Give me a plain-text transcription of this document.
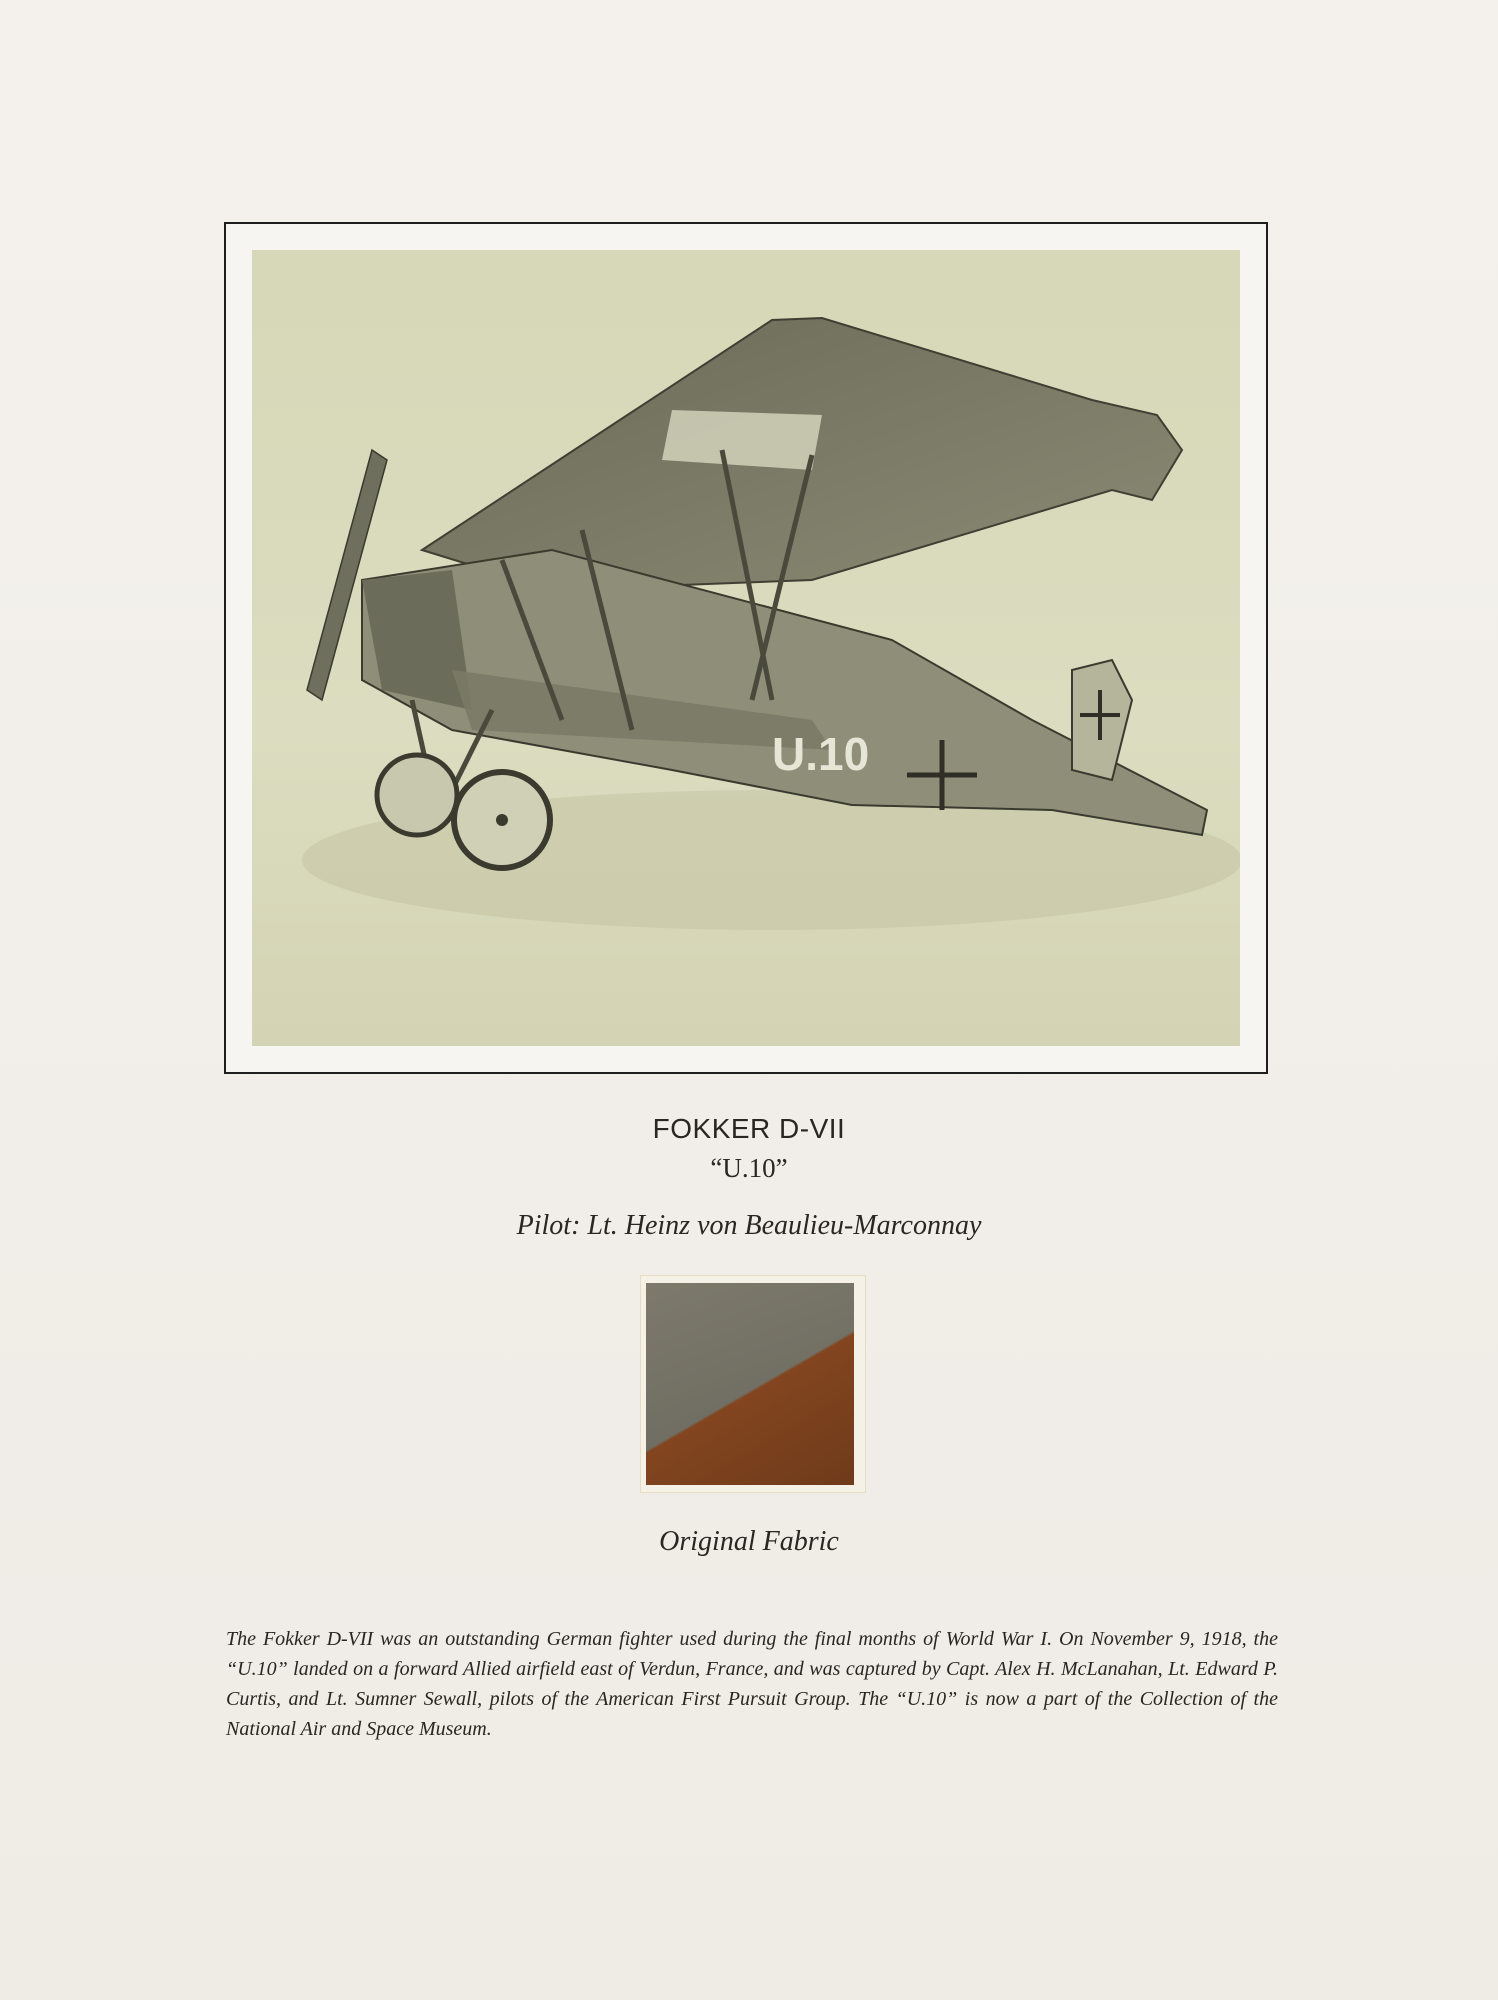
U.10
FOKKER D-VII
“U.10”
Pilot: Lt. Heinz von Beaulieu-Marconnay
Original Fabric
The Fokker D-VII was an outstanding German fighter used during the final months of World War I. On November 9, 1918, the “U.10” landed on a forward Allied airfield east of Verdun, France, and was captured by Capt. Alex H. McLanahan, Lt. Edward P. Curtis, and Lt. Sumner Sewall, pilots of the American First Pursuit Group. The “U.10” is now a part of the Collection of the National Air and Space Museum.
